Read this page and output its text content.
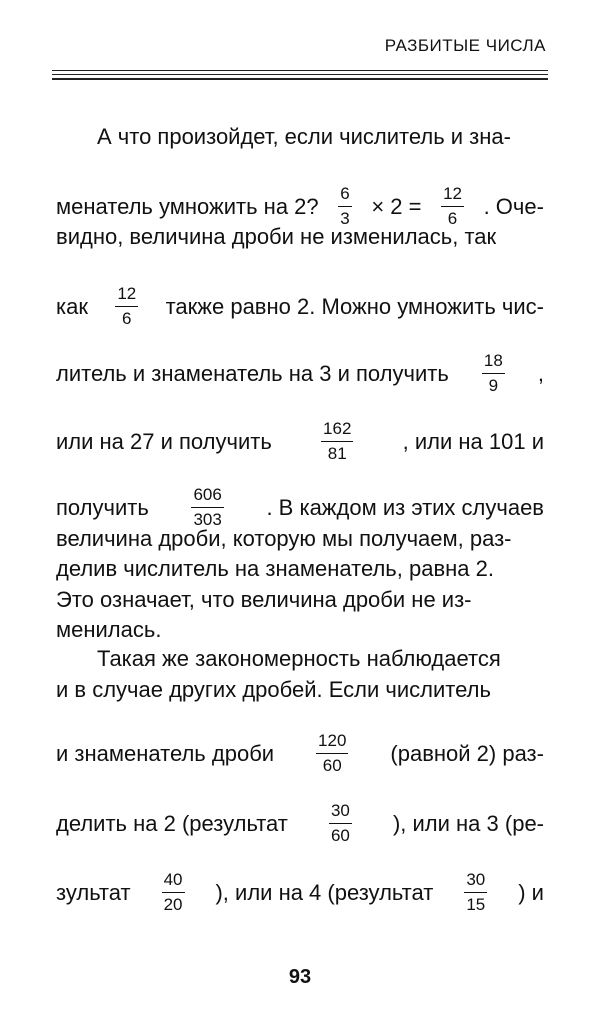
РАЗБИТЫЕ ЧИСЛА
А что произойдет, если числитель и зна-
менатель умножить на 2? $\frac{6}{3} \times 2 = \frac{12}{6}$ . Оче-
видно, величина дроби не изменилась, так
как $\frac{12}{6}$ также равно 2. Можно умножить чис-
литель и знаменатель на 3 и получить $\frac{18}{9}$ ,
или на 27 и получить	$\frac{162}{81}$ , или на 101 и
получить	$\frac{606}{303}$ . В каждом из этих случаев
величина дроби, которую мы получаем, раз-
делив числитель на знаменатель, равна 2.
Это означает, что величина дроби не из-
менилась.
Такая же закономерность наблюдается
и в случае других дробей. Если числитель
и знаменатель дроби $\frac{120}{60}$ (равной 2) раз-
делить на 2 (результат $\frac{30}{60}$ ), или на 3 (ре-
зультат $\frac{40}{20}$ ), или на 4 (результат $\frac{30}{15}$ ) и
93
